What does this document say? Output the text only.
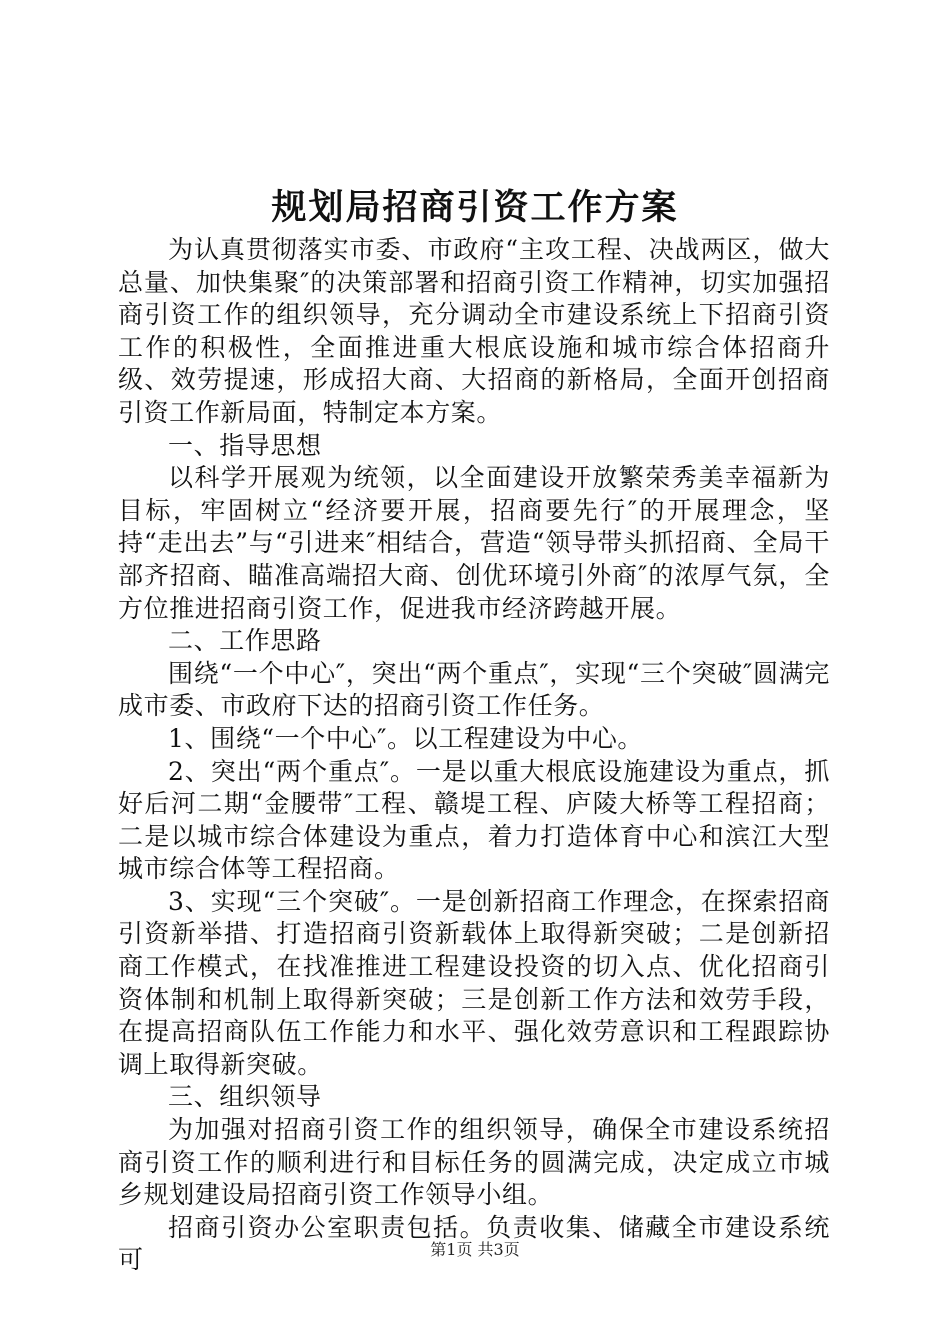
规划局招商引资工作方案

为认真贯彻落实市委、市政府“主攻工程、决战两区，做大总量、加快集聚″的决策部署和招商引资工作精神，切实加强招商引资工作的组织领导，充分调动全市建设系统上下招商引资工作的积极性，全面推进重大根底设施和城市综合体招商升级、效劳提速，形成招大商、大招商的新格局，全面开创招商引资工作新局面，特制定本方案。

一、指导思想

以科学开展观为统领，以全面建设开放繁荣秀美幸福新为目标，牢固树立“经济要开展，招商要先行″的开展理念，坚持“走出去”与“引进来″相结合，营造“领导带头抓招商、全局干部齐招商、瞄准高端招大商、创优环境引外商″的浓厚气氛，全方位推进招商引资工作，促进我市经济跨越开展。

二、工作思路

围绕“一个中心″，突出“两个重点″，实现“三个突破″圆满完成市委、市政府下达的招商引资工作任务。

1、围绕“一个中心″。以工程建设为中心。

2、突出“两个重点″。一是以重大根底设施建设为重点，抓好后河二期“金腰带″工程、赣堤工程、庐陵大桥等工程招商；二是以城市综合体建设为重点，着力打造体育中心和滨江大型城市综合体等工程招商。

3、实现“三个突破″。一是创新招商工作理念，在探索招商引资新举措、打造招商引资新载体上取得新突破；二是创新招商工作模式，在找准推进工程建设投资的切入点、优化招商引资体制和机制上取得新突破；三是创新工作方法和效劳手段，在提高招商队伍工作能力和水平、强化效劳意识和工程跟踪协调上取得新突破。

三、组织领导

为加强对招商引资工作的组织领导，确保全市建设系统招商引资工作的顺利进行和目标任务的圆满完成，决定成立市城乡规划建设局招商引资工作领导小组。

招商引资办公室职责包括。负责收集、储藏全市建设系统可	第1页 共3页
